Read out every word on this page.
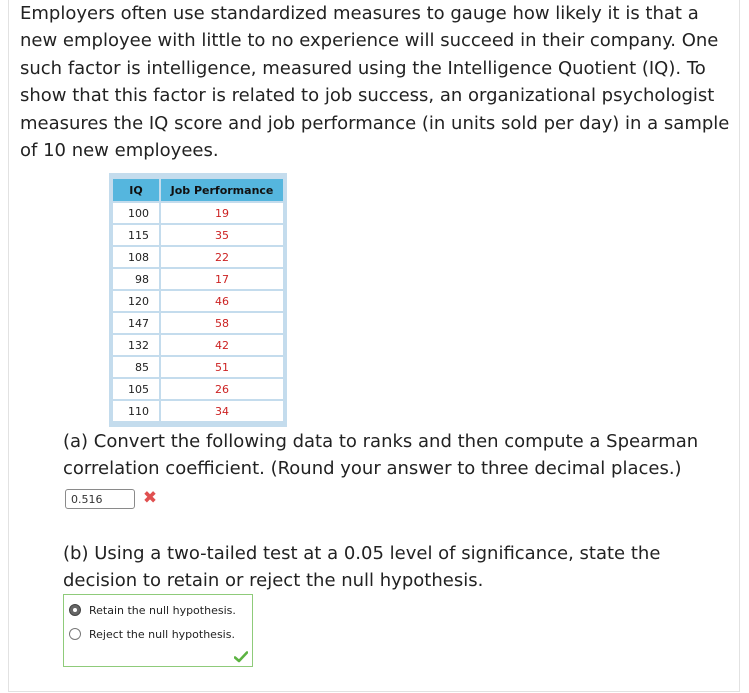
Employers often use standardized measures to gauge how likely it is that a new employee with little to no experience will succeed in their company. One such factor is intelligence, measured using the Intelligence Quotient (IQ). To show that this factor is related to job success, an organizational psychologist measures the IQ score and job performance (in units sold per day) in a sample of 10 new employees.

IQ	Job Performance
100	19
115	35
108	22
98	17
120	46
147	58
132	42
85	51
105	26
110	34

(a) Convert the following data to ranks and then compute a Spearman correlation coefficient. (Round your answer to three decimal places.)

0.516
✖

(b) Using a two-tailed test at a 0.05 level of significance, state the decision to retain or reject the null hypothesis.

Retain the null hypothesis.
Reject the null hypothesis.
